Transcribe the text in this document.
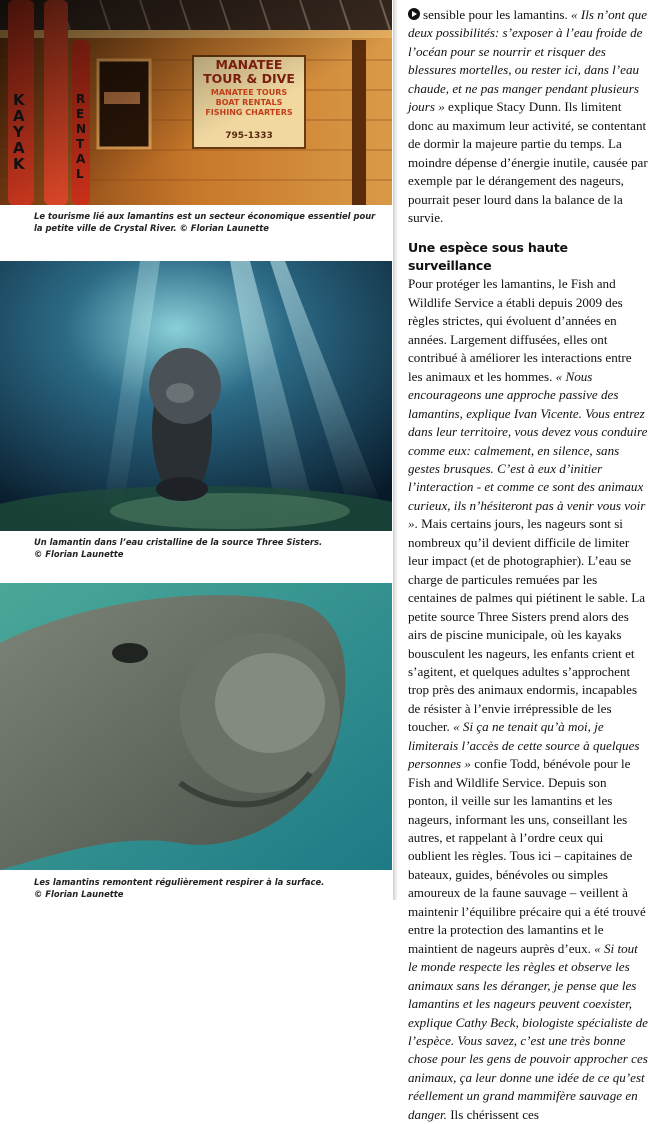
MANATEE
TOUR & DIVE
MANATEE TOURS
BOAT RENTALS
FISHING CHARTERS
795-1333
KAYAK
RENTAL
Le tourisme lié aux lamantins est un secteur économique essentiel pour la petite ville de Crystal River. © Florian Launette
Un lamantin dans l’eau cristalline de la source Three Sisters.
© Florian Launette
Les lamantins remontent régulièrement respirer à la surface.
© Florian Launette

sensible pour les lamantins. « Ils n’ont que deux possibilités: s’exposer à l’eau froide de l’océan pour se nourrir et risquer des blessures mortelles, ou rester ici, dans l’eau chaude, et ne pas manger pendant plusieurs jours » explique Stacy Dunn. Ils limitent donc au maximum leur activité, se contentant de dormir la majeure partie du temps. La moindre dépense d’énergie inutile, causée par exemple par le dérangement des nageurs, pourrait peser lourd dans la balance de la survie.

Une espèce sous haute surveillance

Pour protéger les lamantins, le Fish and Wildlife Service a établi depuis 2009 des règles strictes, qui évoluent d’années en années. Largement diffusées, elles ont contribué à améliorer les interactions entre les animaux et les hommes. « Nous encourageons une approche passive des lamantins, explique Ivan Vicente. Vous entrez dans leur territoire, vous devez vous conduire comme eux: calmement, en silence, sans gestes brusques. C’est à eux d’initier l’interaction - et comme ce sont des animaux curieux, ils n’hésiteront pas à venir vous voir ». Mais certains jours, les nageurs sont si nombreux qu’il devient difficile de limiter leur impact (et de photographier). L’eau se charge de particules remuées par les centaines de palmes qui piétinent le sable. La petite source Three Sisters prend alors des airs de piscine municipale, où les kayaks bousculent les nageurs, les enfants crient et s’agitent, et quelques adultes s’approchent trop près des animaux endormis, incapables de résister à l’envie irrépressible de les toucher. « Si ça ne tenait qu’à moi, je limiterais l’accès de cette source à quelques personnes » confie Todd, bénévole pour le Fish and Wildlife Service. Depuis son ponton, il veille sur les lamantins et les nageurs, informant les uns, conseillant les autres, et rappelant à l’ordre ceux qui oublient les règles. Tous ici – capitaines de bateaux, guides, bénévoles ou simples amoureux de la faune sauvage – veillent à maintenir l’équilibre précaire qui a été trouvé entre la protection des lamantins et le maintient de nageurs auprès d’eux. « Si tout le monde respecte les règles et observe les animaux sans les déranger, je pense que les lamantins et les nageurs peuvent coexister, explique Cathy Beck, biologiste spécialiste de l’espèce. Vous savez, c’est une très bonne chose pour les gens de pouvoir approcher ces animaux, ça leur donne une idée de ce qu’est réellement un grand mammifère sauvage en danger. Ils chérissent ces
